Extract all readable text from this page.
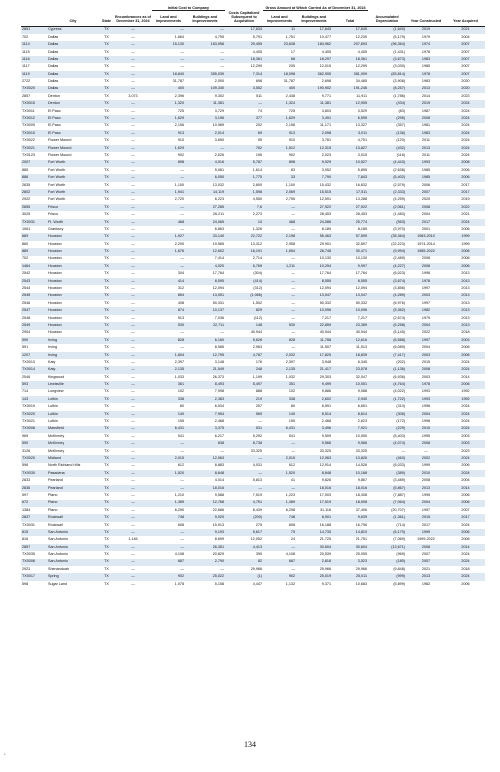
				Initial Cost to Company			Gross Amount at Which Carried As of December 31, 2024					
	City	State	Encumbrances as of December 31, 2024	Land and Improvements	Buildings and Improvements	Costs Capitalized Subsequent to Acquisition	Land and Improvements	Buildings and Improvements	Total	Accumulated Depreciation	Year Constructed	Year Acquired
2851	Cypress	TX	—	—	—	17,634	11	17,645	17,645	(1,640)	2019	2021
702	Dallas	TX	—	1,664	4,795	5,791	1,751	10,477	12,230	(5,179)	1979	2004
1114	Dallas	TX	—	15,130	163,958	29,495	23,638	184,962	207,693	(96,364)	1974	2007
1115	Dallas	TX	—	—	—	4,405	17	4,405	4,405	(1,431)	1978	2007
1116	Dallas	TX	—	—	—	18,361	68	18,297	18,361	(3,673)	1983	2007
1117	Dallas	TX	—	—	—	12,299	205	12,015	12,299	(3,030)	1985	2007
1119	Dallas	TX	—	18,840	355,039	7,314	18,098	362,905	381,009	(83,814)	1978	2007
2722	Dallas	TX	—	31,787	2,000	698	31,787	2,698	34,485	(3,908)	1983	2020
TX0020	Dallas	TX	—	400	109,340	3,552	400	190,902	191,246	(8,257)	2013	2020
2857	Denton	TX	3,073	2,396	9,302	511	2,438	9,771	11,911	(1,786)	2014	2023
TX0015	Denton	TX	—	1,320	11,381	—	1,324	11,381	12,905	(434)	2019	2024
TX0011	El Paso	TX	—	725	3,729	74	725	3,803	3,529	(83)	1987	2024
TX0012	El Paso	TX	—	1,629	3,196	377	1,629	3,491	6,595	(295)	2008	2024
TX0009	El Paso	TX	—	2,156	10,989	202	2,158	11,171	13,327	(357)	1981	2024
TX0010	El Paso	TX	—	913	2,014	69	913	2,098	3,011	(136)	1983	2024
TX0022	Flower Mound	TX	—	910	3,690	95	910	3,781	4,701	(120)	2011	2024
TX0021	Flower Mound	TX	—	1,629	—	762	1,512	12,315	13,827	(432)	2013	2024
TX0123	Flower Mound	TX	—	902	2,026	195	902	2,023	3,015	(116)	2011	2024
2007	Fort Worth	TX	—	898	4,016	5,787	898	9,029	10,527	(4,443)	1993	2008
885	Fort Worth	TX	—	—	5,081	1,614	83	3,052	5,895	(2,638)	1985	2006
886	Fort Worth	TX	—	—	6,050	1,775	33	7,790	7,843	(5,402)	1985	2006
2835	Fort Worth	TX	—	1,100	13,032	2,800	1,100	15,432	16,632	(2,579)	2006	2017
2802	Fort Worth	TX	—	1,941	14,119	1,598	2,069	15,515	17,511	(2,333)	2007	2017
2922	Fort Worth	TX	—	2,720	6,223	4,550	2,755	12,591	13,288	(4,259)	2020	2019
2855	Frisco	TX	—	—	27,285	7,6	—	27,922	27,922	(2,061)	2008	2022
3025	Frisco	TX	—	—	26,211	2,273	—	28,453	28,453	(1,483)	2004	2021
TX0031	Ft. Worth	TX	—	468	24,065	10	468	24,086	25,774	(553)	2017	2024
1061	Granbury	TX	—	—	6,863	1,326	—	8,189	8,189	(3,970)	2001	2006
689	Houston	TX	—	1,927	33,140	22,722	2,198	55,463	57,599	(35,364)	1983-2010	1999
860	Houston	TX	—	2,200	19,585	13,312	2,958	29,901	32,897	(22,223)	1974-2014	1999
889	Houston	TX	—	1,676	12,602	16,191	1,654	28,748	30,471	(9,994)	1985-2022	2006
702	Houston	TX	—	—	7,414	2,714	—	10,130	10,130	(2,489)	2008	2006
1464	Houston	TX	—	—	4,020	6,769	1,211	10,294	9,997	(4,227)	2008	2006
2542	Houston	TX	—	304	17,764	(304)	—	17,764	17,764	(6,023)	1998	2013
2543	Houston	TX	—	414	8,595	(414)	—	8,555	8,555	(3,674)	1978	2013
2544	Houston	TX	—	312	12,094	(312)	—	12,094	12,094	(3,856)	1997	2013
2545	Houston	TX	—	854	13,051	(1,066)	—	13,047	13,047	(4,289)	2003	2013
2546	Houston	TX	—	408	50,331	1,502	—	50,332	50,332	(6,976)	1997	2013
2547	Houston	TX	—	874	10,137	829	—	10,096	10,096	(5,362)	1982	2013
2548	Houston	TX	—	513	7,036	(112)	—	7,217	7,217	(2,674)	1979	2013
2549	Houston	TX	—	530	22,711	148	530	22,859	23,389	(5,258)	2004	2013
2904	Houston	TX	—	—	—	40,944	—	40,944	40,944	(5,145)	2022	2018
590	Irving	TX	—	828	6,160	5,628	828	11,788	12,616	(6,588)	1997	2003
591	Irving	TX	—	—	8,585	2,963	—	11,507	11,513	(6,089)	2004	2006
1207	Irving	TX	—	1,604	12,795	4,787	2,032	17,825	18,839	(7,417)	2003	2006
TX0013	Katy	TX	—	2,397	3,148	176	2,397	3,948	6,345	(202)	2015	2024
TX0014	Katy	TX	—	2,135	21,549	248	2,135	21,417	23,578	(1,136)	2008	2024
2546	Kingwood	TX	—	1,033	26,373	1,199	1,032	29,303	32,047	(6,936)	2003	2014
593	Lewisville	TX	—	361	8,493	5,497	351	9,499	10,051	(4,764)	1978	2006
714	Longview	TX	—	102	7,998	888	102	9,886	9,088	(4,022)	1993	1992
143	Lufkin	TX	—	338	2,383	219	338	2,602	2,940	(1,722)	1993	1992
TX0019	Lufkin	TX	—	80	6,534	257	80	6,591	6,651	(310)	1998	2024
TX0020	Lufkin	TX	—	140	7,954	569	140	8,514	8,614	(306)	2004	2024
TX0021	Lufkin	TX	—	155	2,468	—	155	2,468	2,623	(172)	1998	2024
TX0008	Mansfield	TX	—	6,431	3,375	531	6,431	3,496	7,921	(229)	2010	2024
969	McKinney	TX	—	541	6,217	5,292	541	9,509	10,050	(5,403)	1995	2003
590	McKinney	TX	—	—	838	8,738	—	9,566	9,566	(4,074)	2008	2003
3126	McKinney	TX	—	—	—	33,325	—	33,325	33,325	—	—	2023
TX0020	Midland	TX	—	2,015	12,063	—	2,015	12,063	13,826	(463)	2002	2024
596	North Richland Hills	TX	—	612	8,883	4,031	612	12,914	14,526	(6,033)	1999	2006
TX0030	Pasadena	TX	—	1,520	8,648	—	1,520	8,648	10,168	(389)	2010	2024
2833	Pearland	TX	—	—	4,014	5,813	41	9,826	9,867	(3,489)	2008	2004
2836	Pearland	TX	—	—	18,016	—	—	18,016	18,016	(5,867)	2013	2014
597	Plano	TX	—	1,210	9,588	7,519	1,223	17,003	18,308	(7,887)	1995	2006
672	Plano	TX	—	1,389	12,768	4,751	1,389	17,519	18,908	(7,064)	2004	2006
1384	Plano	TX	—	6,290	22,686	8,439	6,298	31,116	37,406	(20,707)	1997	2007
2837	Rockwall	TX	—	748	9,020	(200)	748	8,901	9,639	(1,361)	2015	2017
TX0031	Rockwall	TX	—	608	15,913	275	608	16,188	16,796	(714)	2017	2024
815	San Antonio	TX	—	—	9,193	5,617	75	14,735	14,810	(6,179)	1999	2006
816	San Antonio	TX	1,146	—	8,699	12,052	24	21,725	21,751	(7,069)	1999-2022	2006
2857	San Antonio	TX	—	—	26,351	4,413	—	30,604	30,604	(13,671)	2008	2014
TX0035	San Antonio	TX	—	4,108	20,829	395	4,108	20,539	25,055	(969)	2007	2024
TX0006	San Antonio	TX	—	687	2,790	82	687	2,818	3,523	(180)	2007	2024
2923	Shenandoah	TX	—	—	—	29,966	—	29,966	29,966	(9,848)	2021	2018
TX0017	Spring	TX	—	902	25,022	(1)	902	25,019	25,011	(999)	2013	2024
598	Sugar Land	TX	—	1,078	5,158	4,447	1,132	9,371	10,683	(5,899)	1982	2006
134
*
